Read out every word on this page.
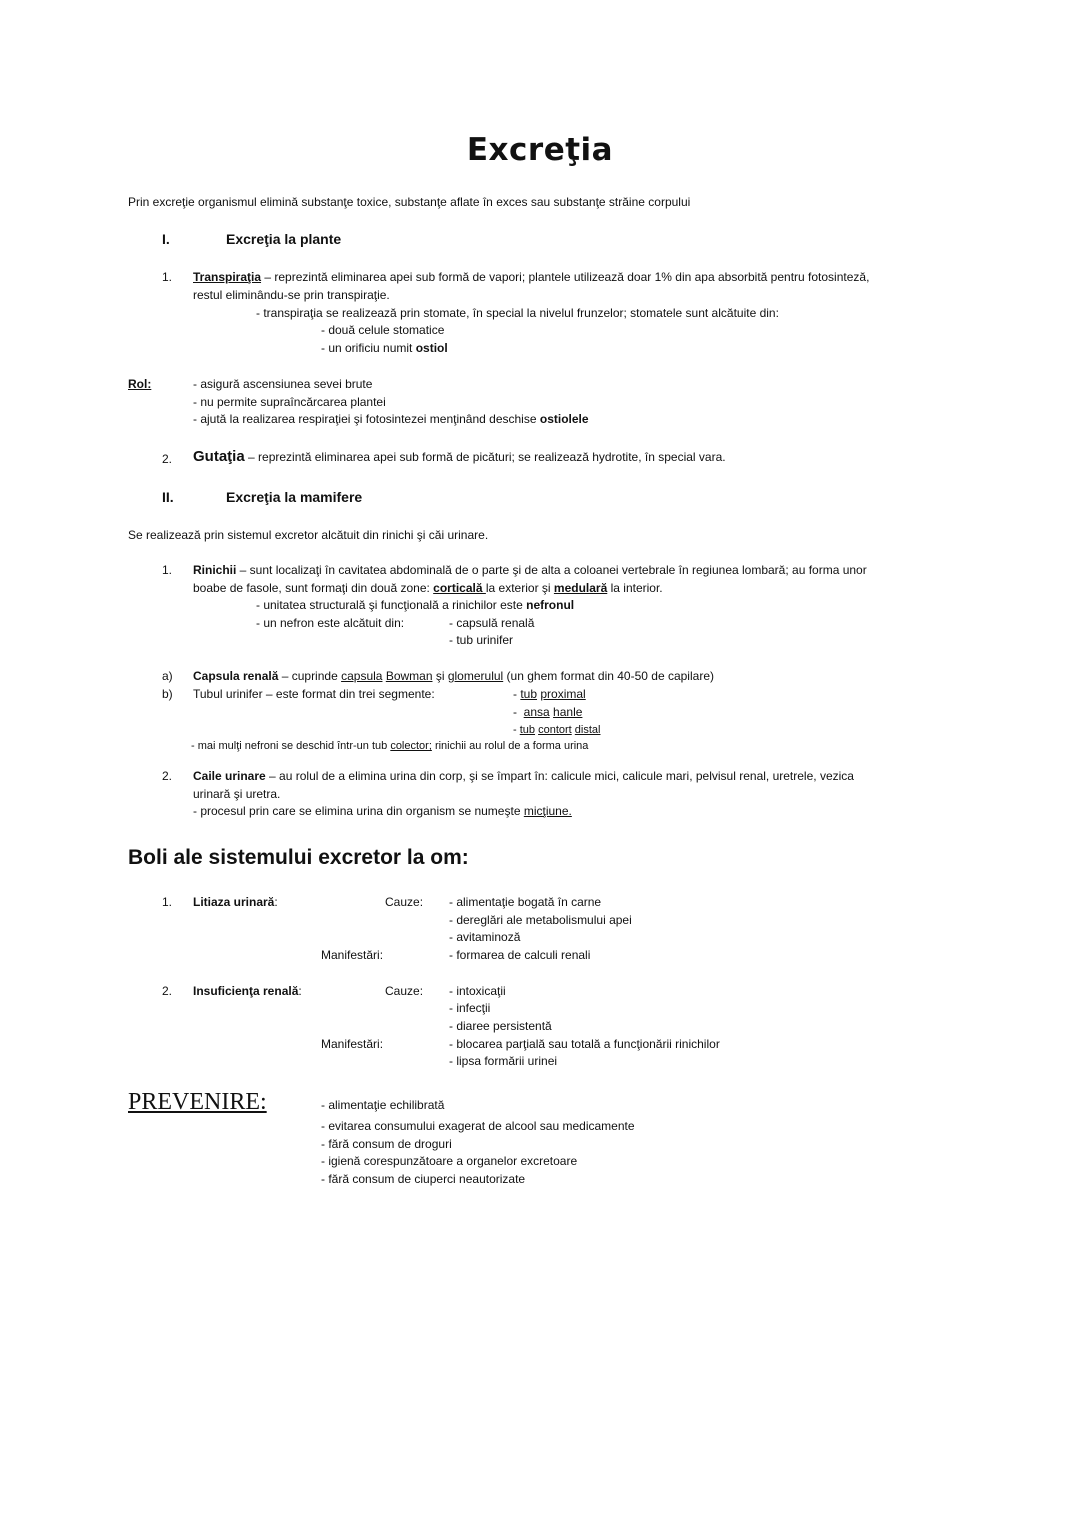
Excreţia
Prin excreţie organismul elimină substanţe toxice, substanţe aflate în exces sau substanţe străine corpului
I.	Excreţia la plante
1. Transpiraţia – reprezintă eliminarea apei sub formă de vapori; plantele utilizează doar 1% din apa absorbită pentru fotosinteză,
restul eliminându-se prin transpiraţie.
- transpiraţia se realizează prin stomate, în special la nivelul frunzelor; stomatele sunt alcătuite din:
- două celule stomatice
- un orificiu numit ostiol
Rol:	- asigură ascensiunea sevei brute
- nu permite supraîncărcarea plantei
- ajută la realizarea respiraţiei şi fotosintezei menţinând deschise ostiolele
2. Gutaţia – reprezintă eliminarea apei sub formă de picături; se realizează hydrotite, în special vara.
II.	Excreţia la mamifere
Se realizează prin sistemul excretor alcătuit din rinichi şi căi urinare.
1. Rinichii – sunt localizaţi în cavitatea abdominală de o parte şi de alta a coloanei vertebrale în regiunea lombară; au forma unor
boabe de fasole, sunt formaţi din două zone: corticală la exterior şi medulară la interior.
- unitatea structurală şi funcţională a rinichilor este nefronul
- un nefron este alcătuit din:	- capsulă renală
- tub urinifer
a) Capsula renală – cuprinde capsula Bowman şi glomerulul (un ghem format din 40-50 de capilare)
b) Tubul urinifer – este format din trei segmente:	- tub proximal
-  ansa hanle
- tub contort distal
- mai mulţi nefroni se deschid într-un tub colector; rinichii au rolul de a forma urina
2. Caile urinare – au rolul de a elimina urina din corp, şi se împart în: calicule mici, calicule mari, pelvisul renal, uretrele, vezica
urinară şi uretra.
- procesul prin care se elimina urina din organism se numeşte micţiune.
Boli ale sistemului excretor la om:
1. Litiaza urinară:	Cauze: - alimentaţie bogată în carne
- dereglări ale metabolismului apei
- avitaminoză
Manifestări:	- formarea de calculi renali
2. Insuficienţa renală:	Cauze: - intoxicaţii
- infecţii
- diaree persistentă
Manifestări:	- blocarea parţială sau totală a funcţionării rinichilor
- lipsa formării urinei
PREVENIRE:	- alimentaţie echilibrată
- evitarea consumului exagerat de alcool sau medicamente
- fără consum de droguri
- igienă corespunzătoare a organelor excretoare
- fără consum de ciuperci neautorizate
